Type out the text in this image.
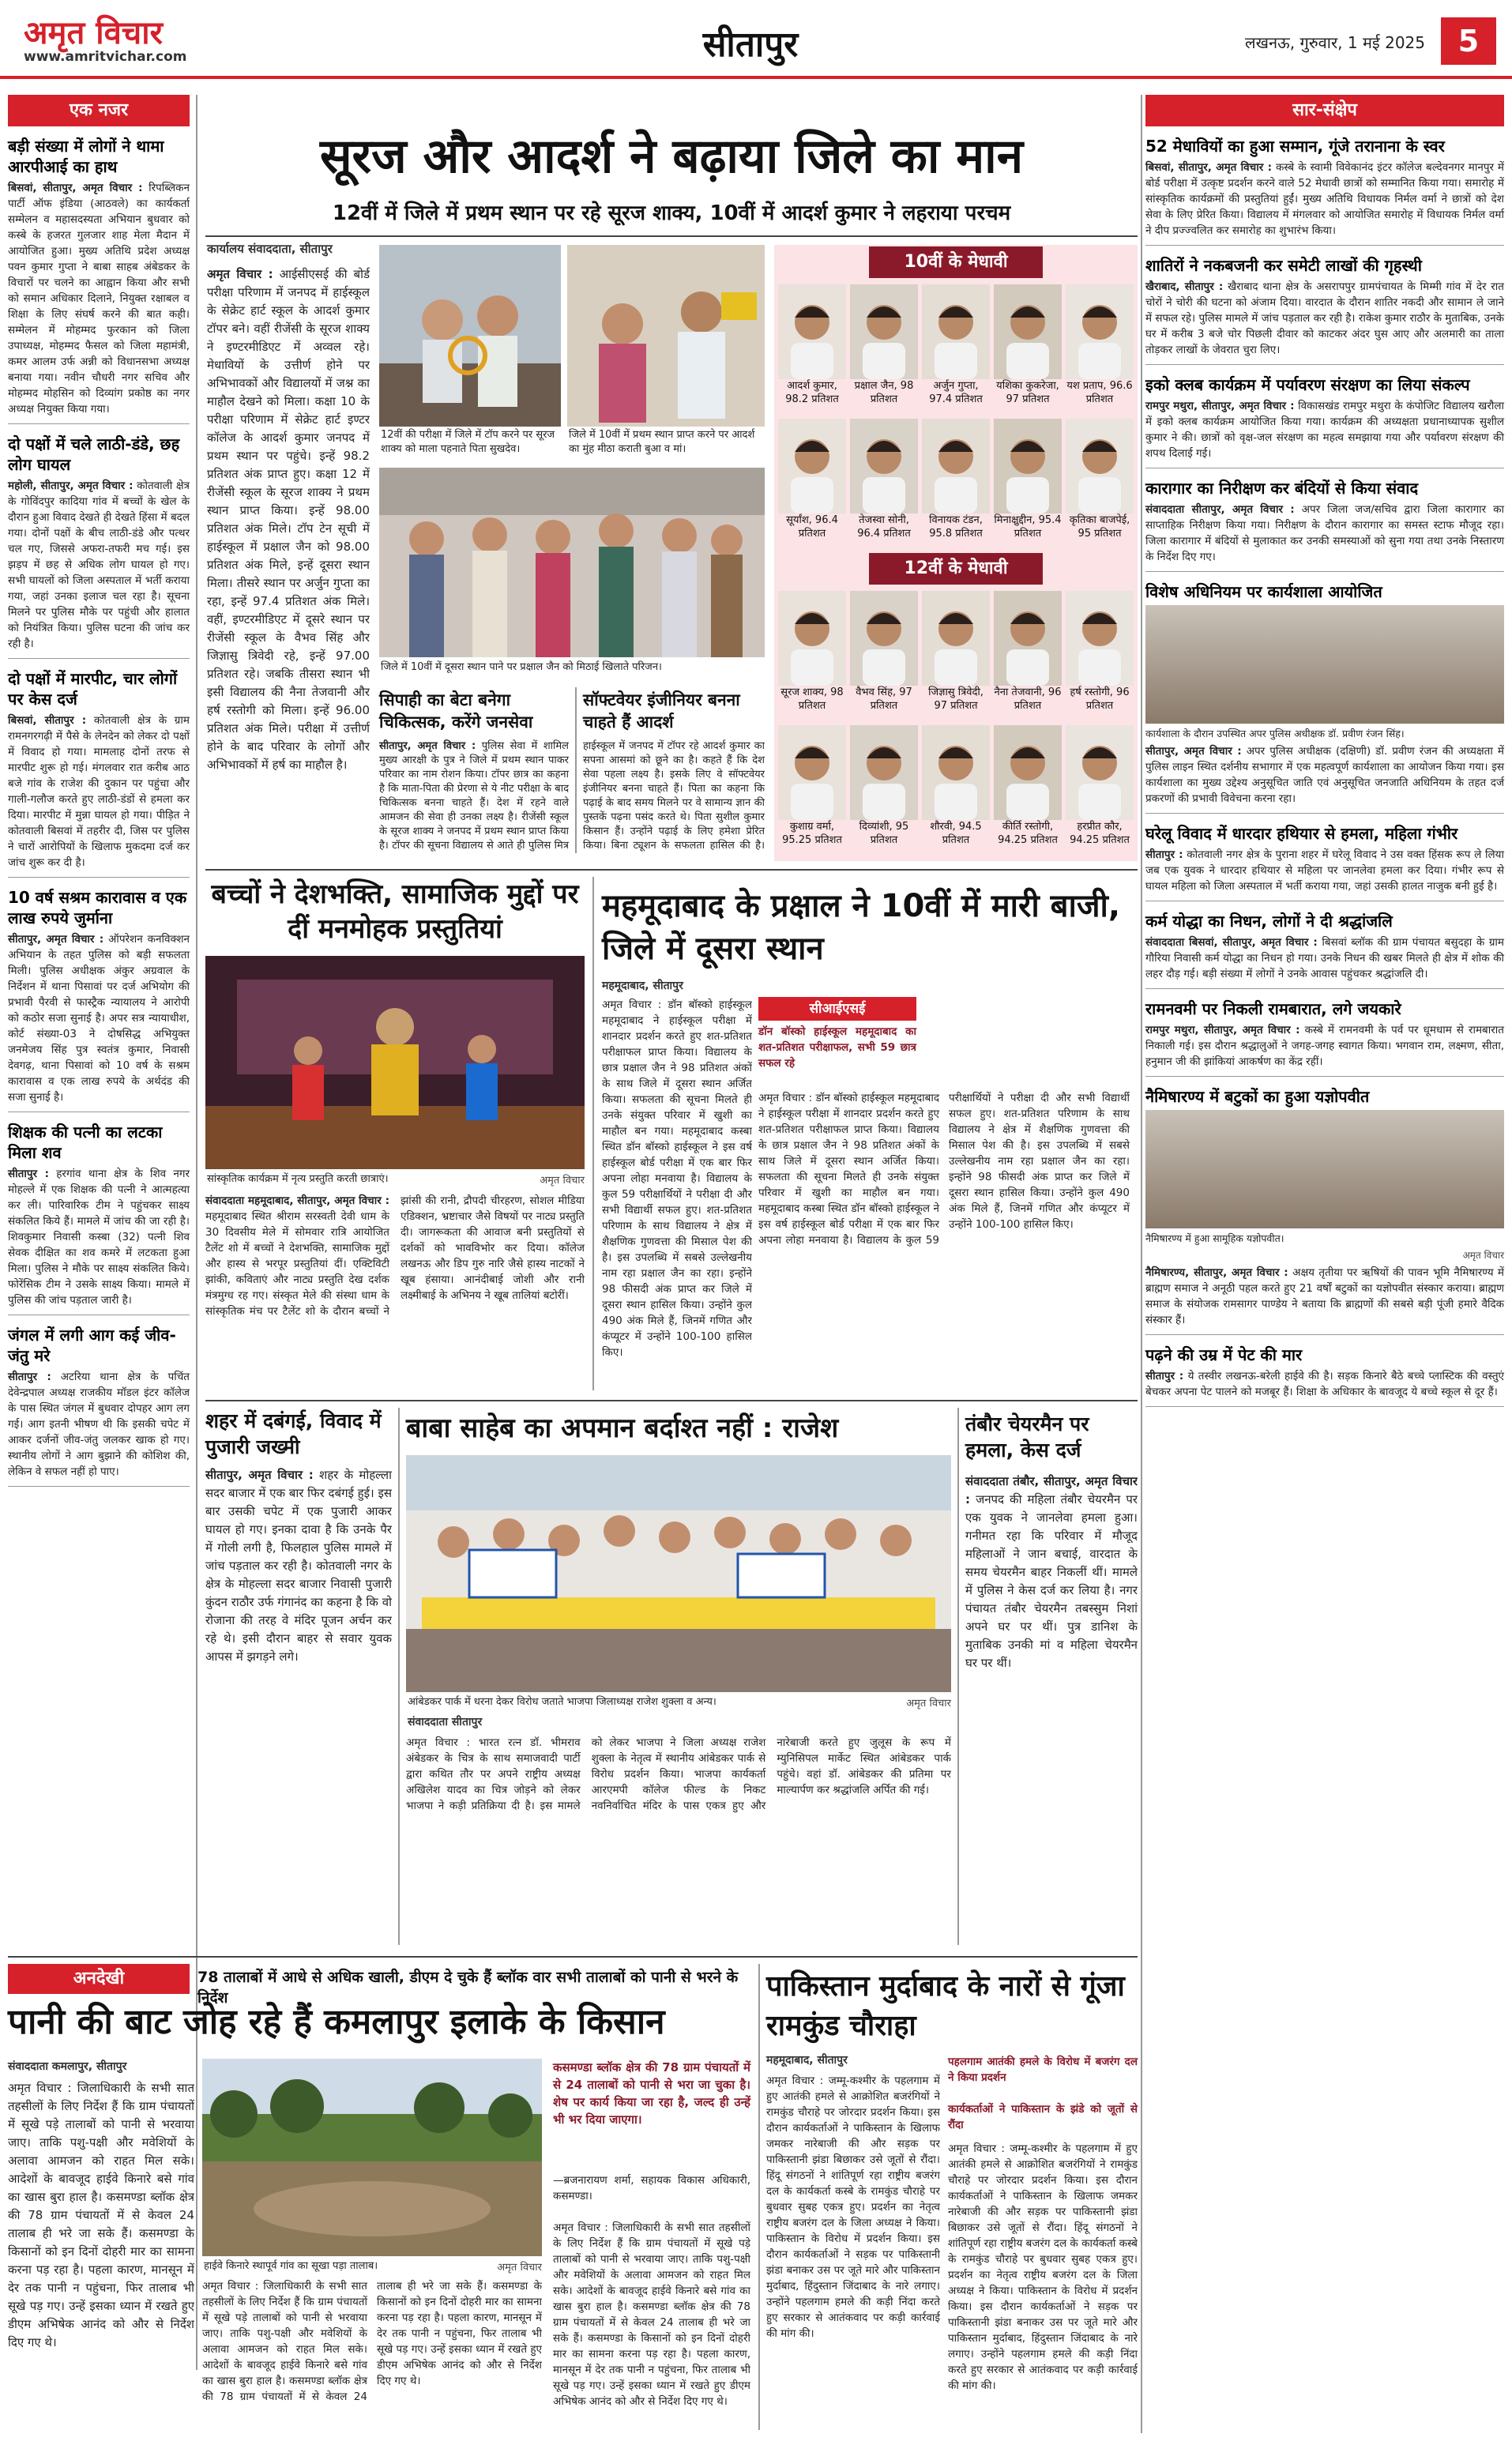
अमृत विचार
www.amritvichar.com	सीतापुर	लखनऊ, गुरुवार, 1 मई 2025	5
एक नजर
बड़ी संख्या में लोगों ने थामा आरपीआई का हाथ

बिसवां, सीतापुर, अमृत विचार : रिपब्लिकन पार्टी ऑफ इंडिया (आठवले) का कार्यकर्ता सम्मेलन व महासदस्यता अभियान बुधवार को कस्बे के हजरत गुलजार शाह मेला मैदान में आयोजित हुआ। मुख्य अतिथि प्रदेश अध्यक्ष पवन कुमार गुप्ता ने बाबा साहब अंबेडकर के विचारों पर चलने का आह्वान किया और सभी को समान अधिकार दिलाने, नियुक्त रक्षाबल व शिक्षा के लिए संघर्ष करने की बात कही। सम्मेलन में मोहम्मद फुरकान को जिला उपाध्यक्ष, मोहम्मद फैसल को जिला महामंत्री, कमर आलम उर्फ अन्नी को विधानसभा अध्यक्ष बनाया गया। नवीन चौधरी नगर सचिव और मोहम्मद मोहसिन को दिव्यांग प्रकोष्ठ का नगर अध्यक्ष नियुक्त किया गया।

दो पक्षों में चले लाठी-डंडे, छह लोग घायल

महोली, सीतापुर, अमृत विचार : कोतवाली क्षेत्र के गोविंदपुर कादिया गांव में बच्चों के खेल के दौरान हुआ विवाद देखते ही देखते हिंसा में बदल गया। दोनों पक्षों के बीच लाठी-डंडे और पत्थर चल गए, जिससे अफरा-तफरी मच गई। इस झड़प में छह से अधिक लोग घायल हो गए। सभी घायलों को जिला अस्पताल में भर्ती कराया गया, जहां उनका इलाज चल रहा है। सूचना मिलने पर पुलिस मौके पर पहुंची और हालात को नियंत्रित किया। पुलिस घटना की जांच कर रही है।

दो पक्षों में मारपीट, चार लोगों पर केस दर्ज

बिसवां, सीतापुर : कोतवाली क्षेत्र के ग्राम रामनगरगढ़ी में पैसे के लेनदेन को लेकर दो पक्षों में विवाद हो गया। मामलाह दोनों तरफ से मारपीट शुरू हो गई। मंगलवार रात करीब आठ बजे गांव के राजेश की दुकान पर पहुंचा और गाली-गलौज करते हुए लाठी-डंडों से हमला कर दिया। मारपीट में मुन्ना घायल हो गया। पीड़ित ने कोतवाली बिसवां में तहरीर दी, जिस पर पुलिस ने चारों आरोपियों के खिलाफ मुकदमा दर्ज कर जांच शुरू कर दी है।

10 वर्ष सश्रम कारावास व एक लाख रुपये जुर्माना

सीतापुर, अमृत विचार : ऑपरेशन कनविक्शन अभियान के तहत पुलिस को बड़ी सफलता मिली। पुलिस अधीक्षक अंकुर अग्रवाल के निर्देशन में थाना पिसावां पर दर्ज अभियोग की प्रभावी पैरवी से फास्ट्रैक न्यायालय ने आरोपी को कठोर सजा सुनाई है। अपर सत्र न्यायाधीश, कोर्ट संख्या-03 ने दोषसिद्ध अभियुक्त जनमेजय सिंह पुत्र स्वतंत्र कुमार, निवासी देवगढ़, थाना पिसावां को 10 वर्ष के सश्रम कारावास व एक लाख रुपये के अर्थदंड की सजा सुनाई है।

शिक्षक की पत्नी का लटका मिला शव

सीतापुर : हरगांव थाना क्षेत्र के शिव नगर मोहल्ले में एक शिक्षक की पत्नी ने आत्महत्या कर ली। पारिवारिक टीम ने पहुंचकर साक्ष्य संकलित किये हैं। मामले में जांच की जा रही है। शिवकुमार निवासी कस्बा (32) पत्नी शिव सेवक दीक्षित का शव कमरे में लटकता हुआ मिला। पुलिस ने मौके पर साक्ष्य संकलित किये। फोरेंसिक टीम ने उसके साक्ष्य किया। मामले में पुलिस की जांच पड़ताल जारी है।

जंगल में लगी आग कई जीव-जंतु मरे

सीतापुर : अटरिया थाना क्षेत्र के पचिंत देवेन्द्रपाल अध्यक्ष राजकीय मॉडल इंटर कॉलेज के पास स्थित जंगल में बुधवार दोपहर आग लग गई। आग इतनी भीषण थी कि इसकी चपेट में आकर दर्जनों जीव-जंतु जलकर खाक हो गए। स्थानीय लोगों ने आग बुझाने की कोशिश की, लेकिन वे सफल नहीं हो पाए।

सूरज और आदर्श ने बढ़ाया जिले का मान
12वीं में जिले में प्रथम स्थान पर रहे सूरज शाक्य, 10वीं में आदर्श कुमार ने लहराया परचम
कार्यालय संवाददाता, सीतापुर
अमृत विचार : आईसीएसई की बोर्ड परीक्षा परिणाम में जनपद में हाईस्कूल के सेक्रेट हार्ट स्कूल के आदर्श कुमार टॉपर बने। वहीं रीजेंसी के सूरज शाक्य ने इण्टरमीडिएट में अव्वल रहे। मेधावियों के उत्तीर्ण होने पर अभिभावकों और विद्यालयों में जश्न का माहौल देखने को मिला। कक्षा 10 के परीक्षा परिणाम में सेक्रेट हार्ट इण्टर कॉलेज के आदर्श कुमार जनपद में प्रथम स्थान पर पहुंचे। इन्हें 98.2 प्रतिशत अंक प्राप्त हुए। कक्षा 12 में रीजेंसी स्कूल के सूरज शाक्य ने प्रथम स्थान प्राप्त किया। इन्हें 98.00 प्रतिशत अंक मिले। टॉप टेन सूची में हाईस्कूल में प्रक्षाल जैन को 98.00 प्रतिशत अंक मिले, इन्हें दूसरा स्थान मिला। तीसरे स्थान पर अर्जुन गुप्ता का रहा, इन्हें 97.4 प्रतिशत अंक मिले। वहीं, इण्टरमीडिएट में दूसरे स्थान पर रीजेंसी स्कूल के वैभव सिंह और जिज्ञासु त्रिवेदी रहे, इन्हें 97.00 प्रतिशत रहे। जबकि तीसरा स्थान भी इसी विद्यालय की नैना तेजवानी और हर्ष रस्तोगी को मिला। इन्हें 96.00 प्रतिशत अंक मिले। परीक्षा में उत्तीर्ण होने के बाद परिवार के लोगों और अभिभावकों में हर्ष का माहौल है।
12वीं की परीक्षा में जिले में टॉप करने पर सूरज शाक्य को माला पहनाते पिता सुखदेव।
जिले में 10वीं में प्रथम स्थान प्राप्त करने पर आदर्श का मुंह मीठा कराती बुआ व मां।
जिले में 10वीं में दूसरा स्थान पाने पर प्रक्षाल जैन को मिठाई खिलाते परिजन।
सिपाही का बेटा बनेगा चिकित्सक, करेंगे जनसेवा
सीतापुर, अमृत विचार : पुलिस सेवा में शामिल मुख्य आरक्षी के पुत्र ने जिले में प्रथम स्थान पाकर परिवार का नाम रोशन किया। टॉपर छात्र का कहना है कि माता-पिता की प्रेरणा से ये नीट परीक्षा के बाद चिकित्सक बनना चाहते हैं। देश में रहने वाले आमजन की सेवा ही उनका लक्ष्य है। रीजेंसी स्कूल के सूरज शाक्य ने जनपद में प्रथम स्थान प्राप्त किया है। टॉपर की सूचना विद्यालय से आते ही पुलिस मित्र
सॉफ्टवेयर इंजीनियर बनना चाहते हैं आदर्श
हाईस्कूल में जनपद में टॉपर रहे आदर्श कुमार का सपना आसमां को छूने का है। कहते हैं कि देश सेवा पहला लक्ष्य है। इसके लिए वे सॉफ्टवेयर इंजीनियर बनना चाहते हैं। पिता का कहना कि पढ़ाई के बाद समय मिलने पर वे सामान्य ज्ञान की पुस्तकें पढ़ना पसंद करते थे। पिता सुशील कुमार किसान हैं। उन्होंने पढ़ाई के लिए हमेशा प्रेरित किया। बिना ट्यूशन के सफलता हासिल की है।
10वीं के मेधावी
12वीं के मेधावी
बच्चों ने देशभक्ति, सामाजिक मुद्दों पर दीं मनमोहक प्रस्तुतियां
सांस्कृतिक कार्यक्रम में नृत्य प्रस्तुति करती छात्राएं।	अमृत विचार
संवाददाता महमूदाबाद, सीतापुर, अमृत विचार : महमूदाबाद स्थित श्रीराम सरस्वती देवी धाम के 30 दिवसीय मेले में सोमवार रात्रि आयोजित टैलेंट शो में बच्चों ने देशभक्ति, सामाजिक मुद्दों और हास्य से भरपूर प्रस्तुतियां दीं। एक्टिविटी झांकी, कविताएं और नाट्य प्रस्तुति देख दर्शक मंत्रमुग्ध रह गए। संस्कृत मेले की संस्था धाम के सांस्कृतिक मंच पर टैलेंट शो के दौरान बच्चों ने झांसी की रानी, द्रौपदी चीरहरण, सोशल मीडिया एडिक्शन, भ्रष्टाचार जैसे विषयों पर नाट्य प्रस्तुति दी। जागरूकता की आवाज बनी प्रस्तुतियों से दर्शकों को भावविभोर कर दिया। कॉलेज लखनऊ और डिप गुरु नारि जैसे हास्य नाटकों ने खूब हंसाया। आनंदीबाई जोशी और रानी लक्ष्मीबाई के अभिनय ने खूब तालियां बटोरीं।
महमूदाबाद के प्रक्षाल ने 10वीं में मारी बाजी, जिले में दूसरा स्थान
महमूदाबाद, सीतापुर
सीआईएसई
डॉन बॉस्को हाईस्कूल महमूदाबाद का शत-प्रतिशत परीक्षाफल, सभी 59 छात्र सफल रहे
अमृत विचार : डॉन बॉस्को हाईस्कूल महमूदाबाद ने हाईस्कूल परीक्षा में शानदार प्रदर्शन करते हुए शत-प्रतिशत परीक्षाफल प्राप्त किया। विद्यालय के छात्र प्रक्षाल जैन ने 98 प्रतिशत अंकों के साथ जिले में दूसरा स्थान अर्जित किया। सफलता की सूचना मिलते ही उनके संयुक्त परिवार में खुशी का माहौल बन गया। महमूदाबाद कस्बा स्थित डॉन बॉस्को हाईस्कूल ने इस वर्ष हाईस्कूल बोर्ड परीक्षा में एक बार फिर अपना लोहा मनवाया है। विद्यालय के कुल 59 परीक्षार्थियों ने परीक्षा दी और सभी विद्यार्थी सफल हुए। शत-प्रतिशत परिणाम के साथ विद्यालय ने क्षेत्र में शैक्षणिक गुणवत्ता की मिसाल पेश की है। इस उपलब्धि में सबसे उल्लेखनीय नाम रहा प्रक्षाल जैन का रहा। इन्होंने 98 फीसदी अंक प्राप्त कर जिले में दूसरा स्थान हासिल किया। उन्होंने कुल 490 अंक मिले हैं, जिनमें गणित और कंप्यूटर में उन्होंने 100-100 हासिल किए।
अमृत विचार : डॉन बॉस्को हाईस्कूल महमूदाबाद ने हाईस्कूल परीक्षा में शानदार प्रदर्शन करते हुए शत-प्रतिशत परीक्षाफल प्राप्त किया। विद्यालय के छात्र प्रक्षाल जैन ने 98 प्रतिशत अंकों के साथ जिले में दूसरा स्थान अर्जित किया। सफलता की सूचना मिलते ही उनके संयुक्त परिवार में खुशी का माहौल बन गया। महमूदाबाद कस्बा स्थित डॉन बॉस्को हाईस्कूल ने इस वर्ष हाईस्कूल बोर्ड परीक्षा में एक बार फिर अपना लोहा मनवाया है। विद्यालय के कुल 59 परीक्षार्थियों ने परीक्षा दी और सभी विद्यार्थी सफल हुए। शत-प्रतिशत परिणाम के साथ विद्यालय ने क्षेत्र में शैक्षणिक गुणवत्ता की मिसाल पेश की है। इस उपलब्धि में सबसे उल्लेखनीय नाम रहा प्रक्षाल जैन का रहा। इन्होंने 98 फीसदी अंक प्राप्त कर जिले में दूसरा स्थान हासिल किया। उन्होंने कुल 490 अंक मिले हैं, जिनमें गणित और कंप्यूटर में उन्होंने 100-100 हासिल किए।
शहर में दबंगई, विवाद में पुजारी जख्मी
सीतापुर, अमृत विचार : शहर के मोहल्ला सदर बाजार में एक बार फिर दबंगई हुई। इस बार उसकी चपेट में एक पुजारी आकर घायल हो गए। इनका दावा है कि उनके पैर में गोली लगी है, फिलहाल पुलिस मामले में जांच पड़ताल कर रही है। कोतवाली नगर के क्षेत्र के मोहल्ला सदर बाजार निवासी पुजारी कुंदन राठौर उर्फ गंगानंद का कहना है कि वो रोजाना की तरह वे मंदिर पूजन अर्चन कर रहे थे। इसी दौरान बाहर से सवार युवक आपस में झगड़ने लगे।
बाबा साहेब का अपमान बर्दाश्त नहीं : राजेश
आंबेडकर पार्क में धरना देकर विरोध जताते भाजपा जिलाध्यक्ष राजेश शुक्ला व अन्य।	अमृत विचार
संवाददाता सीतापुर
अमृत विचार : भारत रत्न डॉ. भीमराव अंबेडकर के चित्र के साथ समाजवादी पार्टी द्वारा कथित तौर पर अपने राष्ट्रीय अध्यक्ष अखिलेश यादव का चित्र जोड़ने को लेकर भाजपा ने कड़ी प्रतिक्रिया दी है। इस मामले को लेकर भाजपा ने जिला अध्यक्ष राजेश शुक्ला के नेतृत्व में स्थानीय आंबेडकर पार्क से विरोध प्रदर्शन किया। भाजपा कार्यकर्ता आरएमपी कॉलेज फील्ड के निकट नवनिर्वाचित मंदिर के पास एकत्र हुए और नारेबाजी करते हुए जुलूस के रूप में म्युनिसिपल मार्केट स्थित आंबेडकर पार्क पहुंचे। वहां डॉ. आंबेडकर की प्रतिमा पर माल्यार्पण कर श्रद्धांजलि अर्पित की गई।
तंबौर चेयरमैन पर हमला, केस दर्ज
संवाददाता तंबौर, सीतापुर, अमृत विचार : जनपद की महिला तंबौर चेयरमैन पर एक युवक ने जानलेवा हमला हुआ। गनीमत रहा कि परिवार में मौजूद महिलाओं ने जान बचाई, वारदात के समय चेयरमैन बाहर निकलीं थीं। मामले में पुलिस ने केस दर्ज कर लिया है। नगर पंचायत तंबौर चेयरमैन तबस्सुम निशां अपने घर पर थीं। पुत्र डानिश के मुताबिक उनकी मां व महिला चेयरमैन घर पर थीं।
सार-संक्षेप
52 मेधावियों का हुआ सम्मान, गूंजे तरानाना के स्वर

बिसवां, सीतापुर, अमृत विचार : कस्बे के स्वामी विवेकानंद इंटर कॉलेज बल्देवनगर मानपुर में बोर्ड परीक्षा में उत्कृष्ट प्रदर्शन करने वाले 52 मेधावी छात्रों को सम्मानित किया गया। समारोह में सांस्कृतिक कार्यक्रमों की प्रस्तुतियां हुईं। मुख्य अतिथि विधायक निर्मल वर्मा ने छात्रों को देश सेवा के लिए प्रेरित किया। विद्यालय में मंगलवार को आयोजित समारोह में विधायक निर्मल वर्मा ने दीप प्रज्ज्वलित कर समारोह का शुभारंभ किया।

शातिरों ने नकबजनी कर समेटी लाखों की गृहस्थी

खैराबाद, सीतापुर : खैराबाद थाना क्षेत्र के असरापपुर ग्रामपंचायत के मिम्मी गांव में देर रात चोरों ने चोरी की घटना को अंजाम दिया। वारदात के दौरान शातिर नकदी और सामान ले जाने में सफल रहे। पुलिस मामले में जांच पड़ताल कर रही है। राकेश कुमार राठौर के मुताबिक, उनके घर में करीब 3 बजे चोर पिछली दीवार को काटकर अंदर घुस आए और अलमारी का ताला तोड़कर लाखों के जेवरात चुरा लिए।

इको क्लब कार्यक्रम में पर्यावरण संरक्षण का लिया संकल्प

रामपुर मथुरा, सीतापुर, अमृत विचार : विकासखंड रामपुर मथुरा के कंपोजिट विद्यालय खरौला में इको क्लब कार्यक्रम आयोजित किया गया। कार्यक्रम की अध्यक्षता प्रधानाध्यापक सुशील कुमार ने की। छात्रों को वृक्ष-जल संरक्षण का महत्व समझाया गया और पर्यावरण संरक्षण की शपथ दिलाई गई।

कारागार का निरीक्षण कर बंदियों से किया संवाद

संवाददाता सीतापुर, अमृत विचार : अपर जिला जज/सचिव द्वारा जिला कारागार का साप्ताहिक निरीक्षण किया गया। निरीक्षण के दौरान कारागार का समस्त स्टाफ मौजूद रहा। जिला कारागार में बंदियों से मुलाकात कर उनकी समस्याओं को सुना गया तथा उनके निस्तारण के निर्देश दिए गए।

विशेष अधिनियम पर कार्यशाला आयोजित
कार्यशाला के दौरान उपस्थित अपर पुलिस अधीक्षक डॉ. प्रवीण रंजन सिंह।

सीतापुर, अमृत विचार : अपर पुलिस अधीक्षक (दक्षिणी) डॉ. प्रवीण रंजन की अध्यक्षता में पुलिस लाइन स्थित दर्शनीय सभागार में एक महत्वपूर्ण कार्यशाला का आयोजन किया गया। इस कार्यशाला का मुख्य उद्देश्य अनुसूचित जाति एवं अनुसूचित जनजाति अधिनियम के तहत दर्ज प्रकरणों की प्रभावी विवेचना करना रहा।

घरेलू विवाद में धारदार हथियार से हमला, महिला गंभीर

सीतापुर : कोतवाली नगर क्षेत्र के पुराना शहर में घरेलू विवाद ने उस वक्त हिंसक रूप ले लिया जब एक युवक ने धारदार हथियार से महिला पर जानलेवा हमला कर दिया। गंभीर रूप से घायल महिला को जिला अस्पताल में भर्ती कराया गया, जहां उसकी हालत नाजुक बनी हुई है।

कर्म योद्धा का निधन, लोगों ने दी श्रद्धांजलि

संवाददाता बिसवां, सीतापुर, अमृत विचार : बिसवां ब्लॉक की ग्राम पंचायत बसुदहा के ग्राम गौरिया निवासी कर्म योद्धा का निधन हो गया। उनके निधन की खबर मिलते ही क्षेत्र में शोक की लहर दौड़ गई। बड़ी संख्या में लोगों ने उनके आवास पहुंचकर श्रद्धांजलि दी।

रामनवमी पर निकली रामबारात, लगे जयकारे

रामपुर मथुरा, सीतापुर, अमृत विचार : कस्बे में रामनवमी के पर्व पर धूमधाम से रामबारात निकाली गई। इस दौरान श्रद्धालुओं ने जगह-जगह स्वागत किया। भगवान राम, लक्ष्मण, सीता, हनुमान जी की झांकियां आकर्षण का केंद्र रहीं।

नैमिषारण्य में बटुकों का हुआ यज्ञोपवीत
नैमिषारण्य में हुआ सामूहिक यज्ञोपवीत।
अमृत विचार

नैमिषारण्य, सीतापुर, अमृत विचार : अक्षय तृतीया पर ऋषियों की पावन भूमि नैमिषारण्य में ब्राह्मण समाज ने अनूठी पहल करते हुए 21 वर्षों बटुकों का यज्ञोपवीत संस्कार कराया। ब्राह्मण समाज के संयोजक रामसागर पाण्डेय ने बताया कि ब्राह्मणों की सबसे बड़ी पूंजी हमारे वैदिक संस्कार हैं।

पढ़ने की उम्र में पेट की मार

सीतापुर : ये तस्वीर लखनऊ-बरेली हाईवे की है। सड़क किनारे बैठे बच्चे प्लास्टिक की वस्तुएं बेचकर अपना पेट पालने को मजबूर हैं। शिक्षा के अधिकार के बावजूद ये बच्चे स्कूल से दूर हैं।

अनदेखी	78 तालाबों में आधे से अधिक खाली, डीएम दे चुके हैं ब्लॉक वार सभी तालाबों को पानी से भरने के निर्देश
पानी की बाट जोह रहे हैं कमलापुर इलाके के किसान
संवाददाता कमलापुर, सीतापुर
अमृत विचार : जिलाधिकारी के सभी सात तहसीलों के लिए निर्देश हैं कि ग्राम पंचायतों में सूखे पड़े तालाबों को पानी से भरवाया जाए। ताकि पशु-पक्षी और मवेशियों के अलावा आमजन को राहत मिल सके। आदेशों के बावजूद हाईवे किनारे बसे गांव का खास बुरा हाल है। कसमण्डा ब्लॉक क्षेत्र की 78 ग्राम पंचायतों में से केवल 24 तालाब ही भरे जा सके हैं। कसमण्डा के किसानों को इन दिनों दोहरी मार का सामना करना पड़ रहा है। पहला कारण, मानसून में देर तक पानी न पहुंचना, फिर तालाब भी सूखे पड़ गए। उन्हें इसका ध्यान में रखते हुए डीएम अभिषेक आनंद को और से निर्देश दिए गए थे।
हाईवे किनारे स्थापूर्व गांव का सूखा पड़ा तालाब।	अमृत विचार
अमृत विचार : जिलाधिकारी के सभी सात तहसीलों के लिए निर्देश हैं कि ग्राम पंचायतों में सूखे पड़े तालाबों को पानी से भरवाया जाए। ताकि पशु-पक्षी और मवेशियों के अलावा आमजन को राहत मिल सके। आदेशों के बावजूद हाईवे किनारे बसे गांव का खास बुरा हाल है। कसमण्डा ब्लॉक क्षेत्र की 78 ग्राम पंचायतों में से केवल 24 तालाब ही भरे जा सके हैं। कसमण्डा के किसानों को इन दिनों दोहरी मार का सामना करना पड़ रहा है। पहला कारण, मानसून में देर तक पानी न पहुंचना, फिर तालाब भी सूखे पड़ गए। उन्हें इसका ध्यान में रखते हुए डीएम अभिषेक आनंद को और से निर्देश दिए गए थे।
कसमण्डा ब्लॉक क्षेत्र की 78 ग्राम पंचायतों में से 24 तालाबों को पानी से भरा जा चुका है। शेष पर कार्य किया जा रहा है, जल्द ही उन्हें भी भर दिया जाएगा।
—ब्रजनारायण शर्मा, सहायक विकास अधिकारी, कसमण्डा।
अमृत विचार : जिलाधिकारी के सभी सात तहसीलों के लिए निर्देश हैं कि ग्राम पंचायतों में सूखे पड़े तालाबों को पानी से भरवाया जाए। ताकि पशु-पक्षी और मवेशियों के अलावा आमजन को राहत मिल सके। आदेशों के बावजूद हाईवे किनारे बसे गांव का खास बुरा हाल है। कसमण्डा ब्लॉक क्षेत्र की 78 ग्राम पंचायतों में से केवल 24 तालाब ही भरे जा सके हैं। कसमण्डा के किसानों को इन दिनों दोहरी मार का सामना करना पड़ रहा है। पहला कारण, मानसून में देर तक पानी न पहुंचना, फिर तालाब भी सूखे पड़ गए। उन्हें इसका ध्यान में रखते हुए डीएम अभिषेक आनंद को और से निर्देश दिए गए थे।
पाकिस्तान मुर्दाबाद के नारों से गूंजा रामकुंड चौराहा
महमूदाबाद, सीतापुर	पहलगाम आतंकी हमले के विरोध में बजरंग दल ने किया प्रदर्शन
कार्यकर्ताओं ने पाकिस्तान के झंडे को जूतों से रौंदा
अमृत विचार : जम्मू-कश्मीर के पहलगाम में हुए आतंकी हमले से आक्रोशित बजरंगियों ने रामकुंड चौराहे पर जोरदार प्रदर्शन किया। इस दौरान कार्यकर्ताओं ने पाकिस्तान के खिलाफ जमकर नारेबाजी की और सड़क पर पाकिस्तानी झंडा बिछाकर उसे जूतों से रौंदा। हिंदू संगठनों ने शांतिपूर्ण रहा राष्ट्रीय बजरंग दल के कार्यकर्ता कस्बे के रामकुंड चौराहे पर बुधवार सुबह एकत्र हुए। प्रदर्शन का नेतृत्व राष्ट्रीय बजरंग दल के जिला अध्यक्ष ने किया। पाकिस्तान के विरोध में प्रदर्शन किया। इस दौरान कार्यकर्ताओं ने सड़क पर पाकिस्तानी झंडा बनाकर उस पर जूते मारे और पाकिस्तान मुर्दाबाद, हिंदुस्तान जिंदाबाद के नारे लगाए। उन्होंने पहलगाम हमले की कड़ी निंदा करते हुए सरकार से आतंकवाद पर कड़ी कार्रवाई की मांग की।
अमृत विचार : जम्मू-कश्मीर के पहलगाम में हुए आतंकी हमले से आक्रोशित बजरंगियों ने रामकुंड चौराहे पर जोरदार प्रदर्शन किया। इस दौरान कार्यकर्ताओं ने पाकिस्तान के खिलाफ जमकर नारेबाजी की और सड़क पर पाकिस्तानी झंडा बिछाकर उसे जूतों से रौंदा। हिंदू संगठनों ने शांतिपूर्ण रहा राष्ट्रीय बजरंग दल के कार्यकर्ता कस्बे के रामकुंड चौराहे पर बुधवार सुबह एकत्र हुए। प्रदर्शन का नेतृत्व राष्ट्रीय बजरंग दल के जिला अध्यक्ष ने किया। पाकिस्तान के विरोध में प्रदर्शन किया। इस दौरान कार्यकर्ताओं ने सड़क पर पाकिस्तानी झंडा बनाकर उस पर जूते मारे और पाकिस्तान मुर्दाबाद, हिंदुस्तान जिंदाबाद के नारे लगाए। उन्होंने पहलगाम हमले की कड़ी निंदा करते हुए सरकार से आतंकवाद पर कड़ी कार्रवाई की मांग की।
आदर्श कुमार, 98.2 प्रतिशत
प्रक्षाल जैन, 98 प्रतिशत
अर्जुन गुप्ता, 97.4 प्रतिशत
यशिका कुकरेजा, 97 प्रतिशत
यश प्रताप, 96.6 प्रतिशत
सूर्यांश, 96.4 प्रतिशत
तेजस्वा सोनी, 96.4 प्रतिशत
विनायक टंडन, 95.8 प्रतिशत
मिनाक्षुद्दीन, 95.4 प्रतिशत
कृतिका बाजपेई, 95 प्रतिशत
सूरज शाक्य, 98 प्रतिशत
वैभव सिंह, 97 प्रतिशत
जिज्ञासु त्रिवेदी, 97 प्रतिशत
नैना तेजवानी, 96 प्रतिशत
हर्ष रस्तोगी, 96 प्रतिशत
कुशाग्र वर्मा, 95.25 प्रतिशत
दिव्यांशी, 95 प्रतिशत
शौरवी, 94.5 प्रतिशत
कीर्ति रस्तोगी, 94.25 प्रतिशत
हरप्रीत कौर, 94.25 प्रतिशत
